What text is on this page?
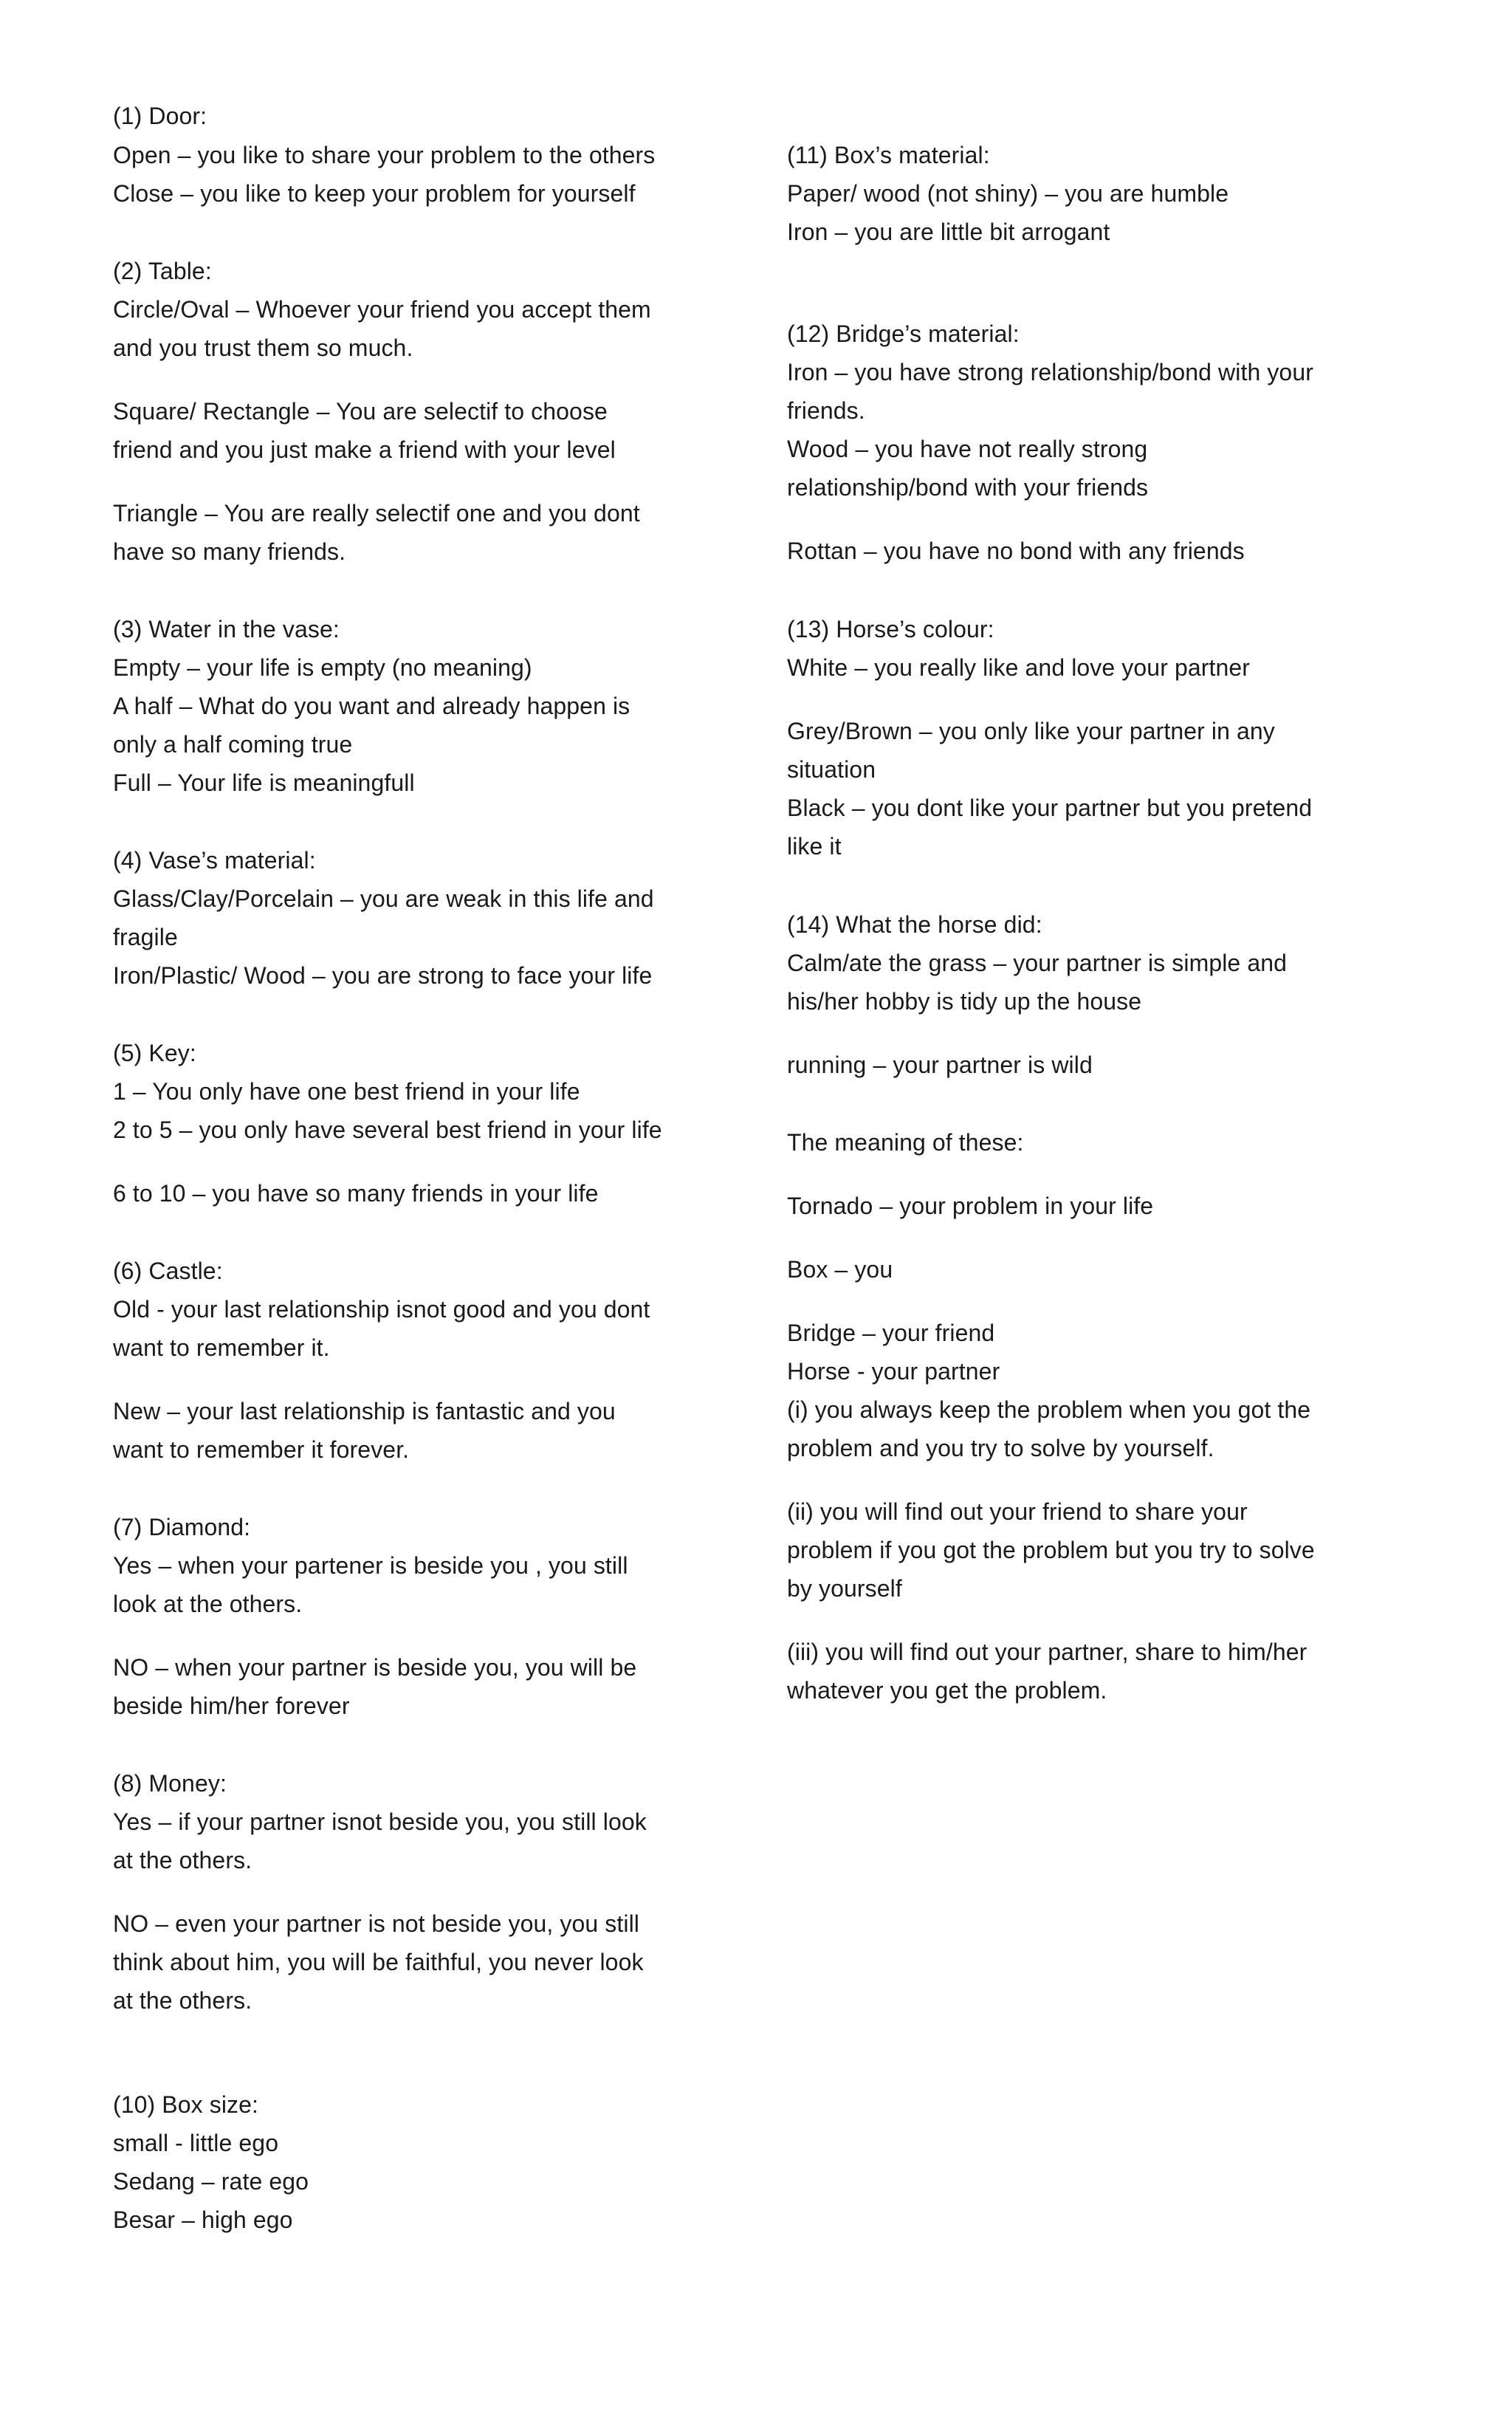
(1) Door:
Open – you like to share your problem to the others
Close – you like to keep your problem for yourself
(2) Table:
Circle/Oval – Whoever your friend you accept them
and you trust them so much.
Square/ Rectangle – You are selectif to choose
friend and you just make a friend with your level
Triangle – You are really selectif one and you dont
have so many friends.
(3) Water in the vase:
Empty – your life is empty (no meaning)
A half – What do you want and already happen is
only a half coming true
Full – Your life is meaningfull
(4) Vase’s material:
Glass/Clay/Porcelain – you are weak in this life and
fragile
Iron/Plastic/ Wood – you are strong to face your life
(5) Key:
1 – You only have one best friend in your life
2 to 5 – you only have several best friend in your life
6 to 10 – you have so many friends in your life
(6) Castle:
Old - your last relationship isnot good and you dont
want to remember it.
New – your last relationship is fantastic and you
want to remember it forever.
(7) Diamond:
Yes – when your partener is beside you , you still
look at the others.
NO – when your partner is beside you, you will be
beside him/her forever
(8) Money:
Yes – if your partner isnot beside you, you still look
at the others.
NO – even your partner is not beside you, you still
think about him, you will be faithful, you never look
at the others.
(10) Box size:
small - little ego
Sedang – rate ego
Besar – high ego
(11) Box’s material:
Paper/ wood (not shiny) – you are humble
Iron – you are little bit arrogant
(12) Bridge’s material:
Iron – you have strong relationship/bond with your
friends.
Wood – you have not really strong
relationship/bond with your friends
Rottan – you have no bond with any friends
(13) Horse’s colour:
White – you really like and love your partner
Grey/Brown – you only like your partner in any
situation
Black – you dont like your partner but you pretend
like it
(14) What the horse did:
Calm/ate the grass – your partner is simple and
his/her hobby is tidy up the house
running – your partner is wild
The meaning of these:
Tornado – your problem in your life
Box – you
Bridge – your friend
Horse - your partner
(i) you always keep the problem when you got the
problem and you try to solve by yourself.
(ii) you will find out your friend to share your
problem if you got the problem but you try to solve
by yourself
(iii) you will find out your partner, share to him/her
whatever you get the problem.
